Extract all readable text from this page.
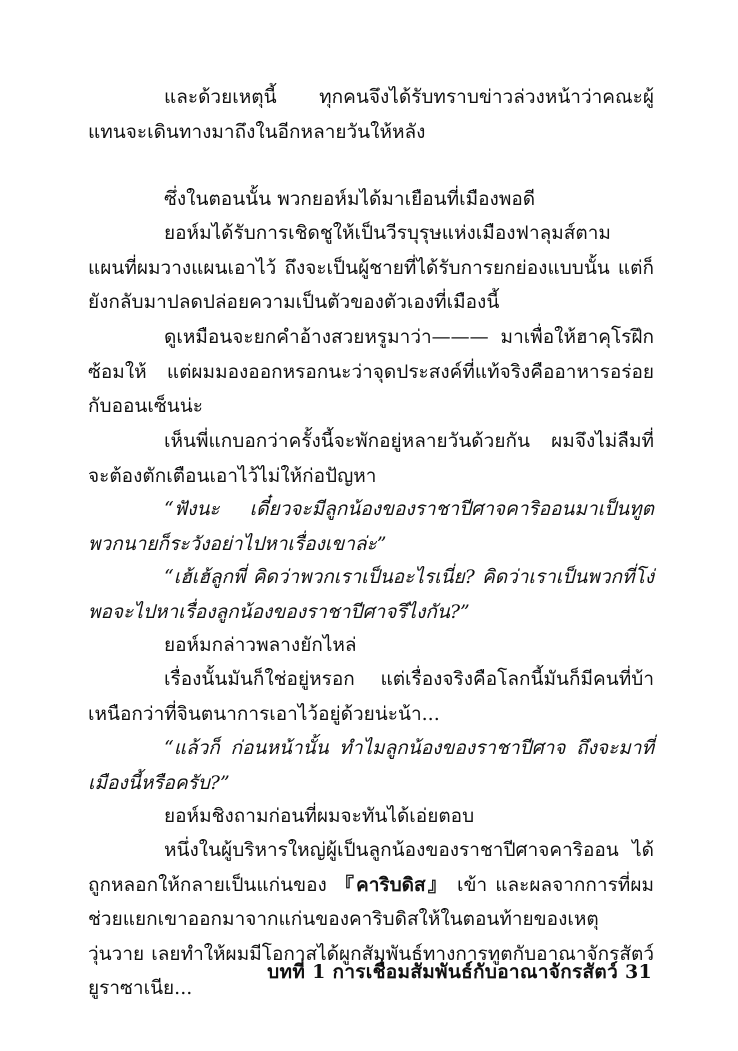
และด้วยเหตุนี้ ทุกคนจึงได้รับทราบข่าวล่วงหน้าว่าคณะผู้แทนจะเดินทางมาถึงในอีกหลายวันให้หลัง

ซึ่งในตอนนั้น พวกยอห์มได้มาเยือนที่เมืองพอดี

ยอห์มได้รับการเชิดชูให้เป็นวีรบุรุษแห่งเมืองฟาลุมส์ตามแผนที่ผมวางแผนเอาไว้ ถึงจะเป็นผู้ชายที่ได้รับการยกย่องแบบนั้น แต่ก็ยังกลับมาปลดปล่อยความเป็นตัวของตัวเองที่เมืองนี้

ดูเหมือนจะยกคำอ้างสวยหรูมาว่า——— มาเพื่อให้ฮาคุโรฝึกซ้อมให้ แต่ผมมองออกหรอกนะว่าจุดประสงค์ที่แท้จริงคืออาหารอร่อยกับออนเซ็นน่ะ

เห็นพี่แกบอกว่าครั้งนี้จะพักอยู่หลายวันด้วยกัน ผมจึงไม่ลืมที่จะต้องตักเตือนเอาไว้ไม่ให้ก่อปัญหา

“ฟังนะ เดี๋ยวจะมีลูกน้องของราชาปีศาจคาริออนมาเป็นทูตพวกนายก็ระวังอย่าไปหาเรื่องเขาล่ะ”

“เฮ้เฮ้ลูกพี่ คิดว่าพวกเราเป็นอะไรเนี่ย? คิดว่าเราเป็นพวกที่โง่พอจะไปหาเรื่องลูกน้องของราชาปีศาจรึไงกัน?”

ยอห์มกล่าวพลางยักไหล่

เรื่องนั้นมันก็ใช่อยู่หรอก แต่เรื่องจริงคือโลกนี้มันก็มีคนที่บ้าเหนือกว่าที่จินตนาการเอาไว้อยู่ด้วยน่ะน้า...

“แล้วก็ ก่อนหน้านั้น ทำไมลูกน้องของราชาปีศาจ ถึงจะมาที่เมืองนี้หรือครับ?”

ยอห์มชิงถามก่อนที่ผมจะทันได้เอ่ยตอบ

หนึ่งในผู้บริหารใหญ่ผู้เป็นลูกน้องของราชาปีศาจคาริออน ได้ถูกหลอกให้กลายเป็นแก่นของ 『คาริบดิส』 เข้า และผลจากการที่ผมช่วยแยกเขาออกมาจากแก่นของคาริบดิสให้ในตอนท้ายของเหตุวุ่นวาย เลยทำให้ผมมีโอกาสได้ผูกสัมพันธ์ทางการทูตกับอาณาจักรสัตว์ยูราซาเนีย...

บทที่ 1 การเชื่อมสัมพันธ์กับอาณาจักรสัตว์ 31
